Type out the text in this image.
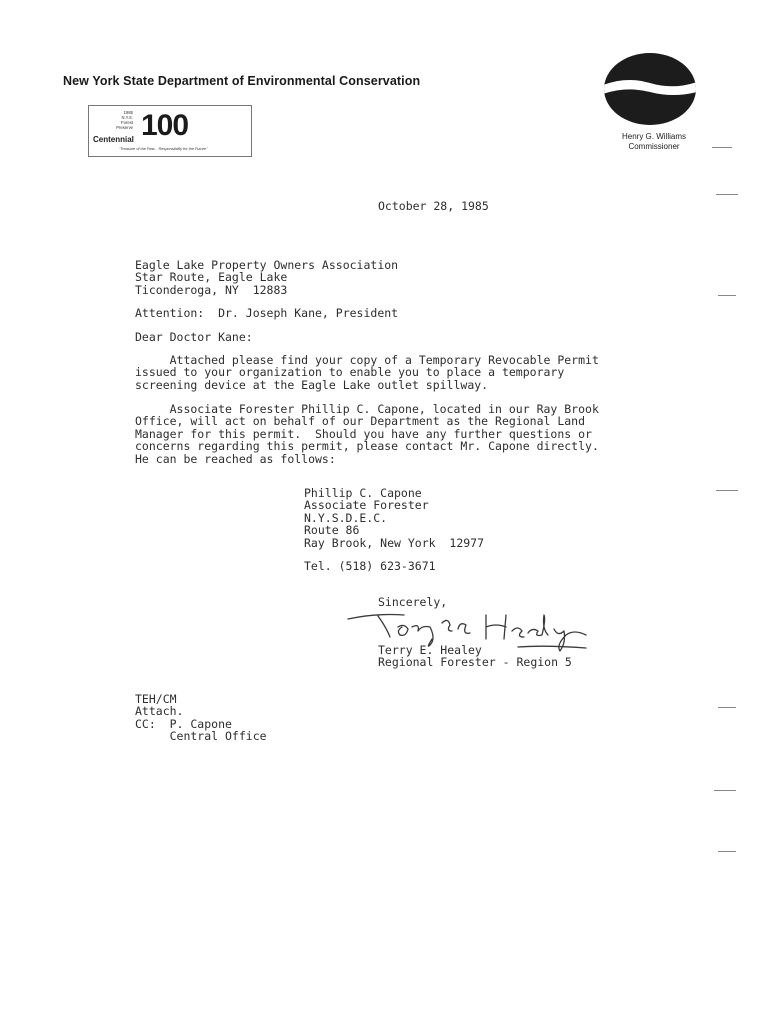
New York State Department of Environmental Conservation
1985
N.Y.S.
Forest
Preserve
Centennial 100
"Treasure of the Past... Responsibility for the Future"
Henry G. Williams
Commissioner
October 28, 1985
Eagle Lake Property Owners Association
Star Route, Eagle Lake
Ticonderoga, NY  12883
Attention:  Dr. Joseph Kane, President
Dear Doctor Kane:
Attached please find your copy of a Temporary Revocable Permit
issued to your organization to enable you to place a temporary
screening device at the Eagle Lake outlet spillway.
Associate Forester Phillip C. Capone, located in our Ray Brook
Office, will act on behalf of our Department as the Regional Land
Manager for this permit.  Should you have any further questions or
concerns regarding this permit, please contact Mr. Capone directly.
He can be reached as follows:
Phillip C. Capone
Associate Forester
N.Y.S.D.E.C.
Route 86
Ray Brook, New York  12977
Tel. (518) 623-3671
Sincerely,
Terry E. Healey
Regional Forester - Region 5
TEH/CM
Attach.
CC:  P. Capone
Central Office
